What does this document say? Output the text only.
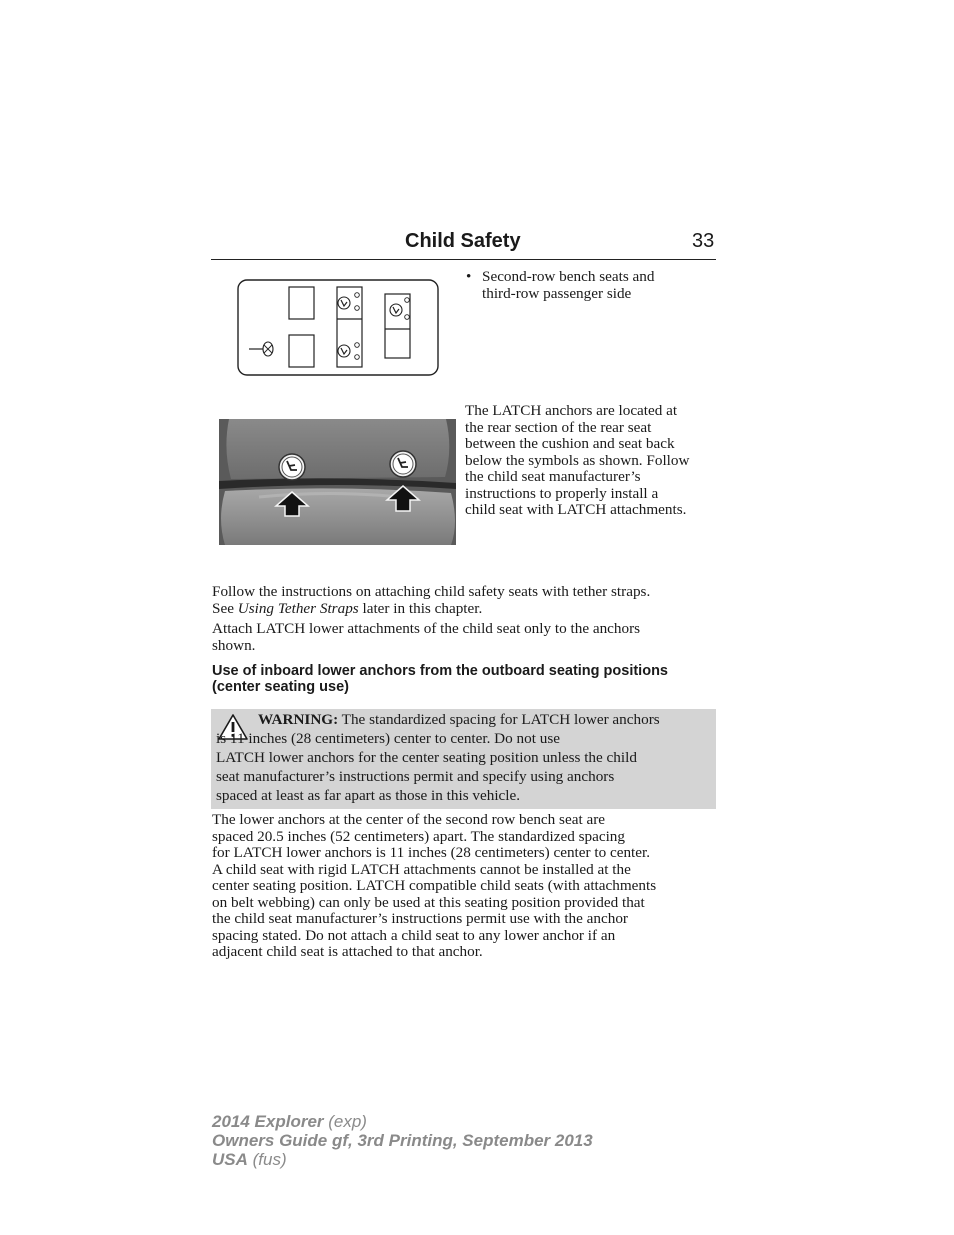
Child Safety	33
• Second-row bench seats and
third-row passenger side
The LATCH anchors are located at
the rear section of the rear seat
between the cushion and seat back
below the symbols as shown. Follow
the child seat manufacturer’s
instructions to properly install a
child seat with LATCH attachments.
Follow the instructions on attaching child safety seats with tether straps.
See Using Tether Straps later in this chapter.
Attach LATCH lower attachments of the child seat only to the anchors
shown.
Use of inboard lower anchors from the outboard seating positions
(center seating use)
WARNING: The standardized spacing for LATCH lower anchors
is 11 inches (28 centimeters) center to center. Do not use
LATCH lower anchors for the center seating position unless the child
seat manufacturer’s instructions permit and specify using anchors
spaced at least as far apart as those in this vehicle.
The lower anchors at the center of the second row bench seat are
spaced 20.5 inches (52 centimeters) apart. The standardized spacing
for LATCH lower anchors is 11 inches (28 centimeters) center to center.
A child seat with rigid LATCH attachments cannot be installed at the
center seating position. LATCH compatible child seats (with attachments
on belt webbing) can only be used at this seating position provided that
the child seat manufacturer’s instructions permit use with the anchor
spacing stated. Do not attach a child seat to any lower anchor if an
adjacent child seat is attached to that anchor.
2014 Explorer (exp)
Owners Guide gf, 3rd Printing, September 2013
USA (fus)
